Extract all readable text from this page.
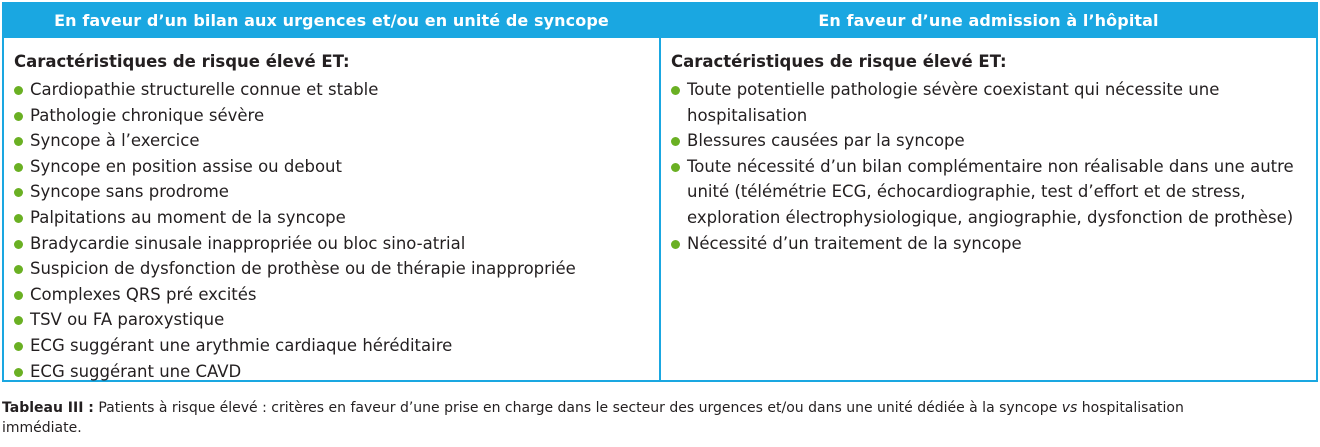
En faveur d’un bilan aux urgences et/ou en unité de syncope
Caractéristiques de risque élevé ET:
Cardiopathie structurelle connue et stable
Pathologie chronique sévère
Syncope à l’exercice
Syncope en position assise ou debout
Syncope sans prodrome
Palpitations au moment de la syncope
Bradycardie sinusale inappropriée ou bloc sino-atrial
Suspicion de dysfonction de prothèse ou de thérapie inappropriée
Complexes QRS pré excités
TSV ou FA paroxystique
ECG suggérant une arythmie cardiaque héréditaire
ECG suggérant une CAVD
En faveur d’une admission à l’hôpital
Caractéristiques de risque élevé ET:
Toute potentielle pathologie sévère coexistant qui nécessite une hospitalisation
Blessures causées par la syncope
Toute nécessité d’un bilan complémentaire non réalisable dans une autre unité (télémétrie ECG, échocardiographie, test d’effort et de stress, exploration électrophysiologique, angiographie, dysfonction de prothèse)
Nécessité d’un traitement de la syncope
Tableau III : Patients à risque élevé : critères en faveur d’une prise en charge dans le secteur des urgences et/ou dans une unité dédiée à la syncope vs hospitalisation
immédiate.
